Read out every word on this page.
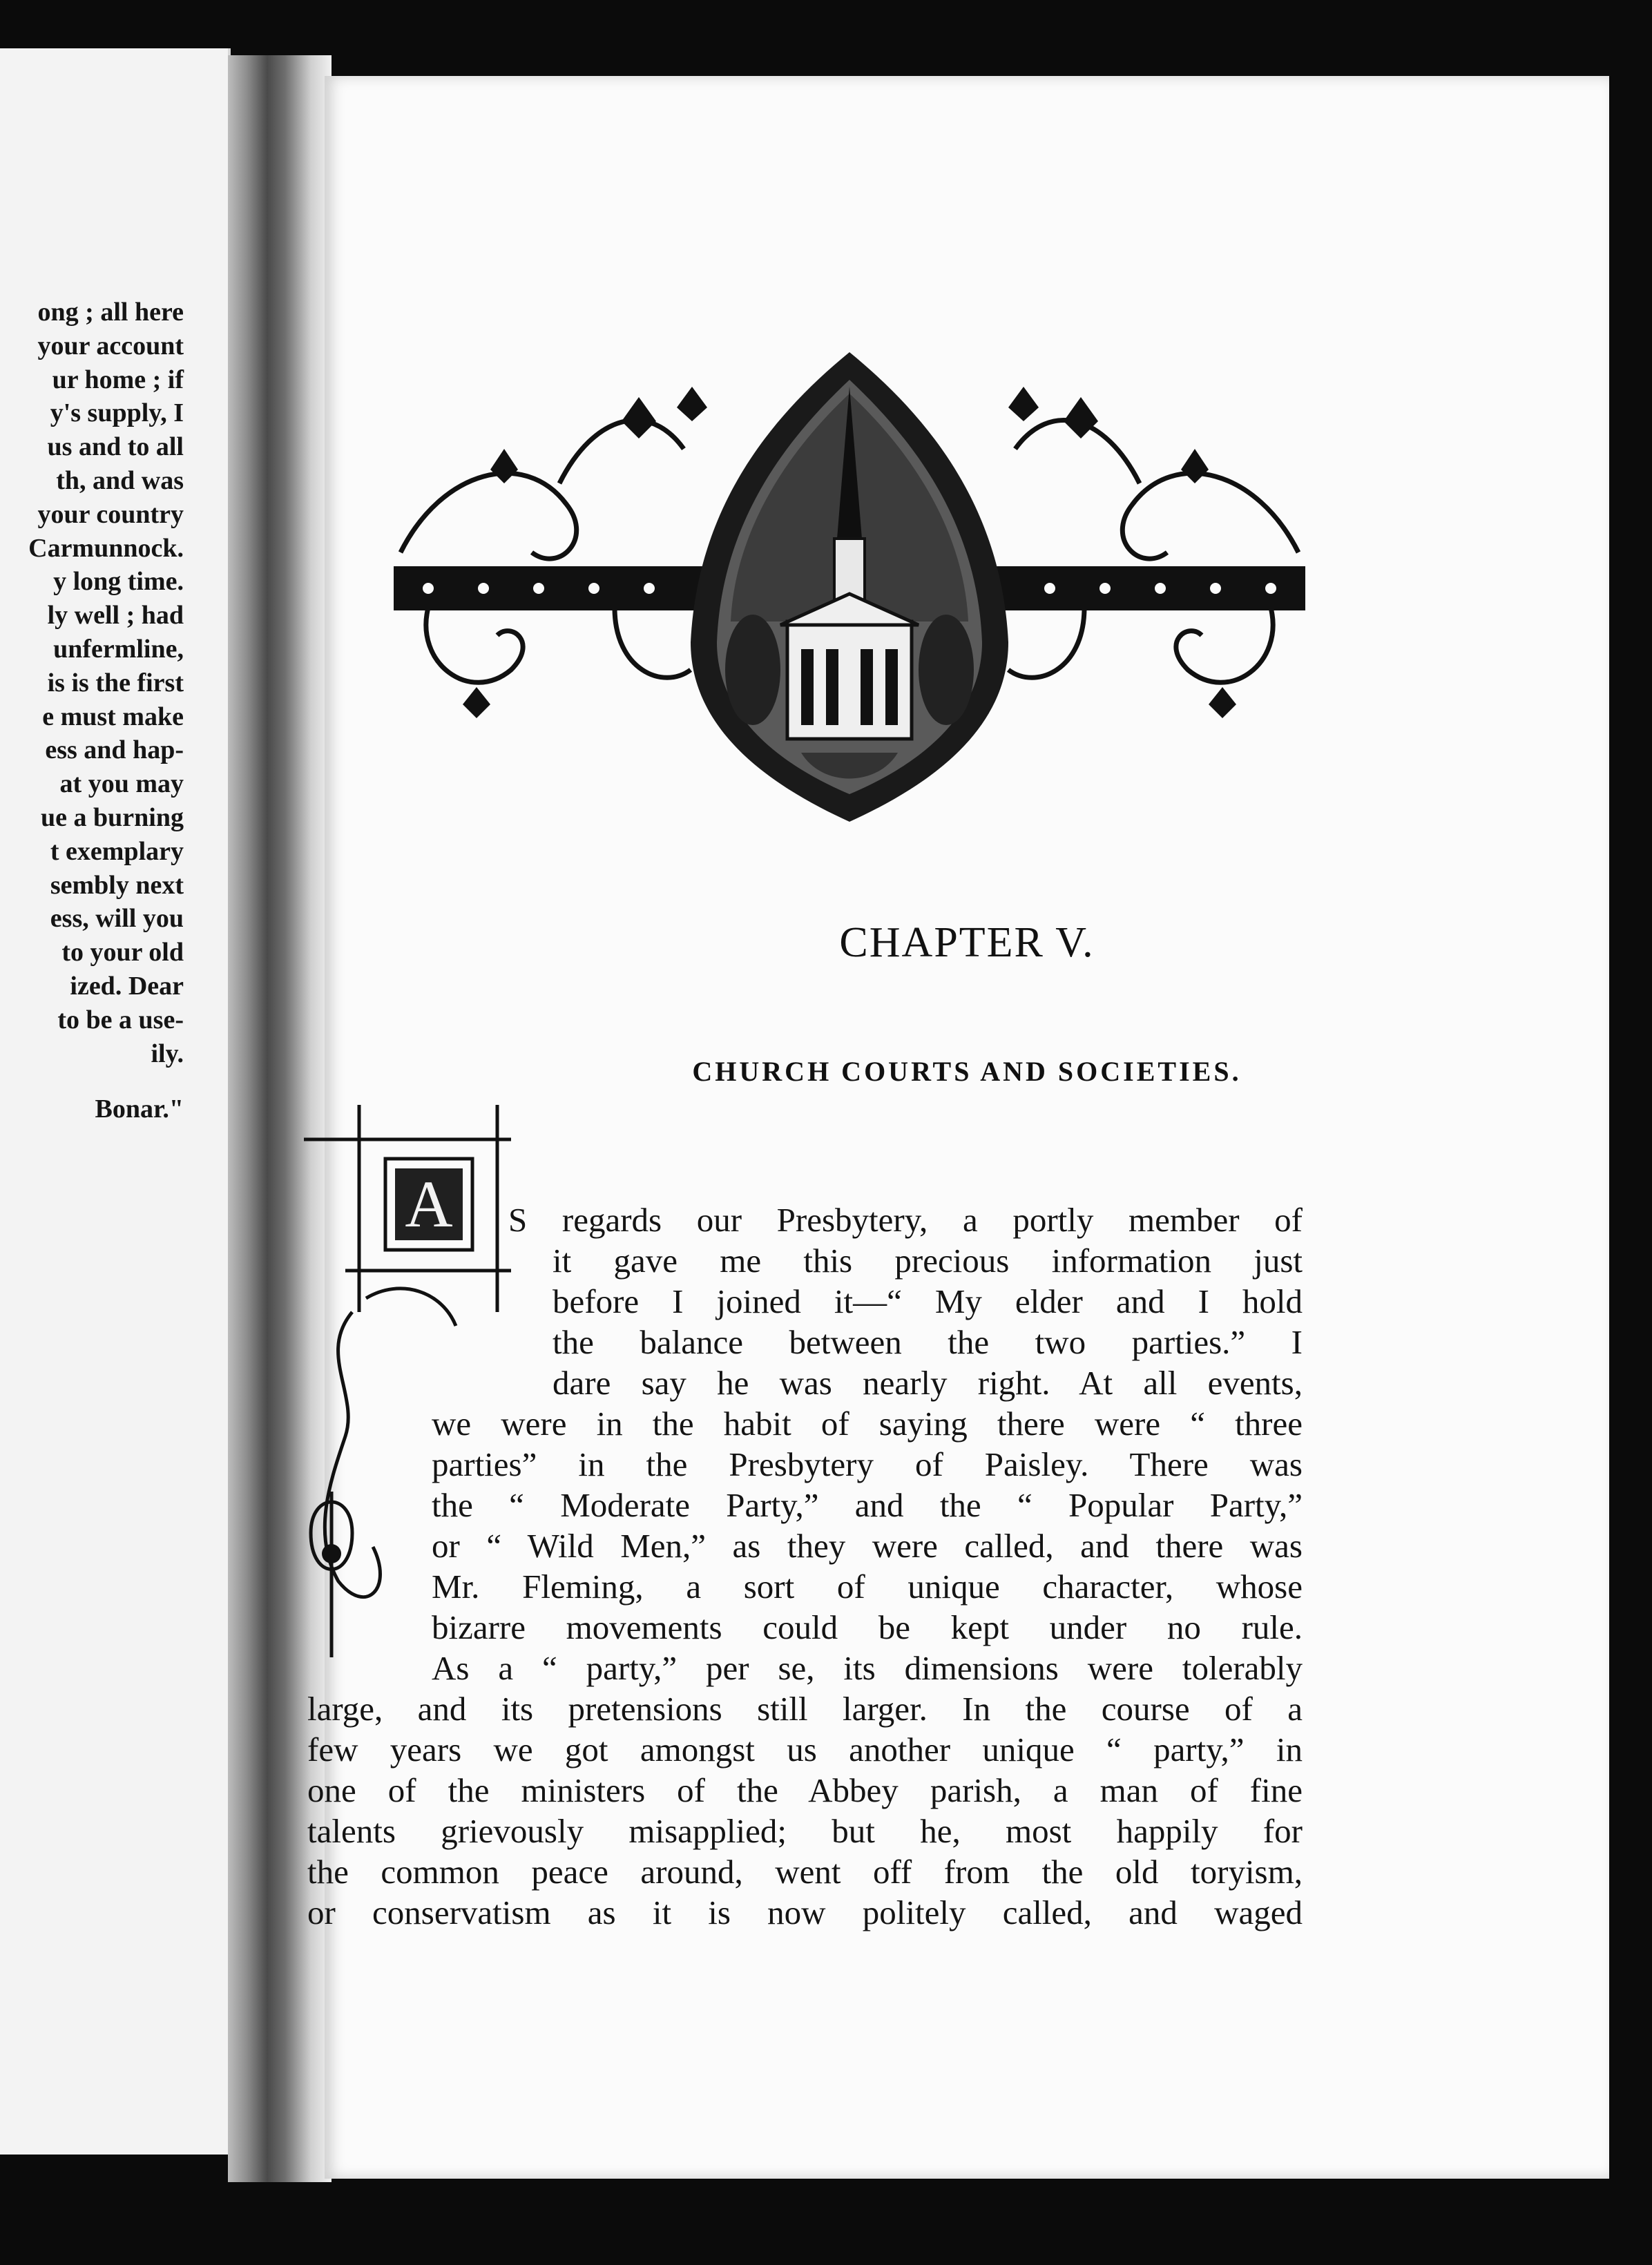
ong ; all here
your account
ur home ; if
y's supply, I
us and to all
th, and was
your country
Carmunnock.
y long time.
ly well ; had
unfermline,
is is the first
e must make
ess and hap-
at you may
ue a burning
t exemplary
sembly next
ess, will you
to your old
ized. Dear
to be a use-
ily.
Bonar."
CHAPTER V.
CHURCH COURTS AND SOCIETIES.
A S regards our Presbytery, a portly member of
it gave me this precious information just
before I joined it—“ My elder and I hold
the balance between the two parties.” I
dare say he was nearly right. At all events,
we were in the habit of saying there were “ three
parties” in the Presbytery of Paisley. There was
the “ Moderate Party,” and the “ Popular Party,”
or “ Wild Men,” as they were called, and there was
Mr. Fleming, a sort of unique character, whose
bizarre movements could be kept under no rule.
As a “ party,” per se, its dimensions were tolerably
large, and its pretensions still larger. In the course of a
few years we got amongst us another unique “ party,” in
one of the ministers of the Abbey parish, a man of fine
talents grievously misapplied; but he, most happily for
the common peace around, went off from the old toryism,
or conservatism as it is now politely called, and waged
